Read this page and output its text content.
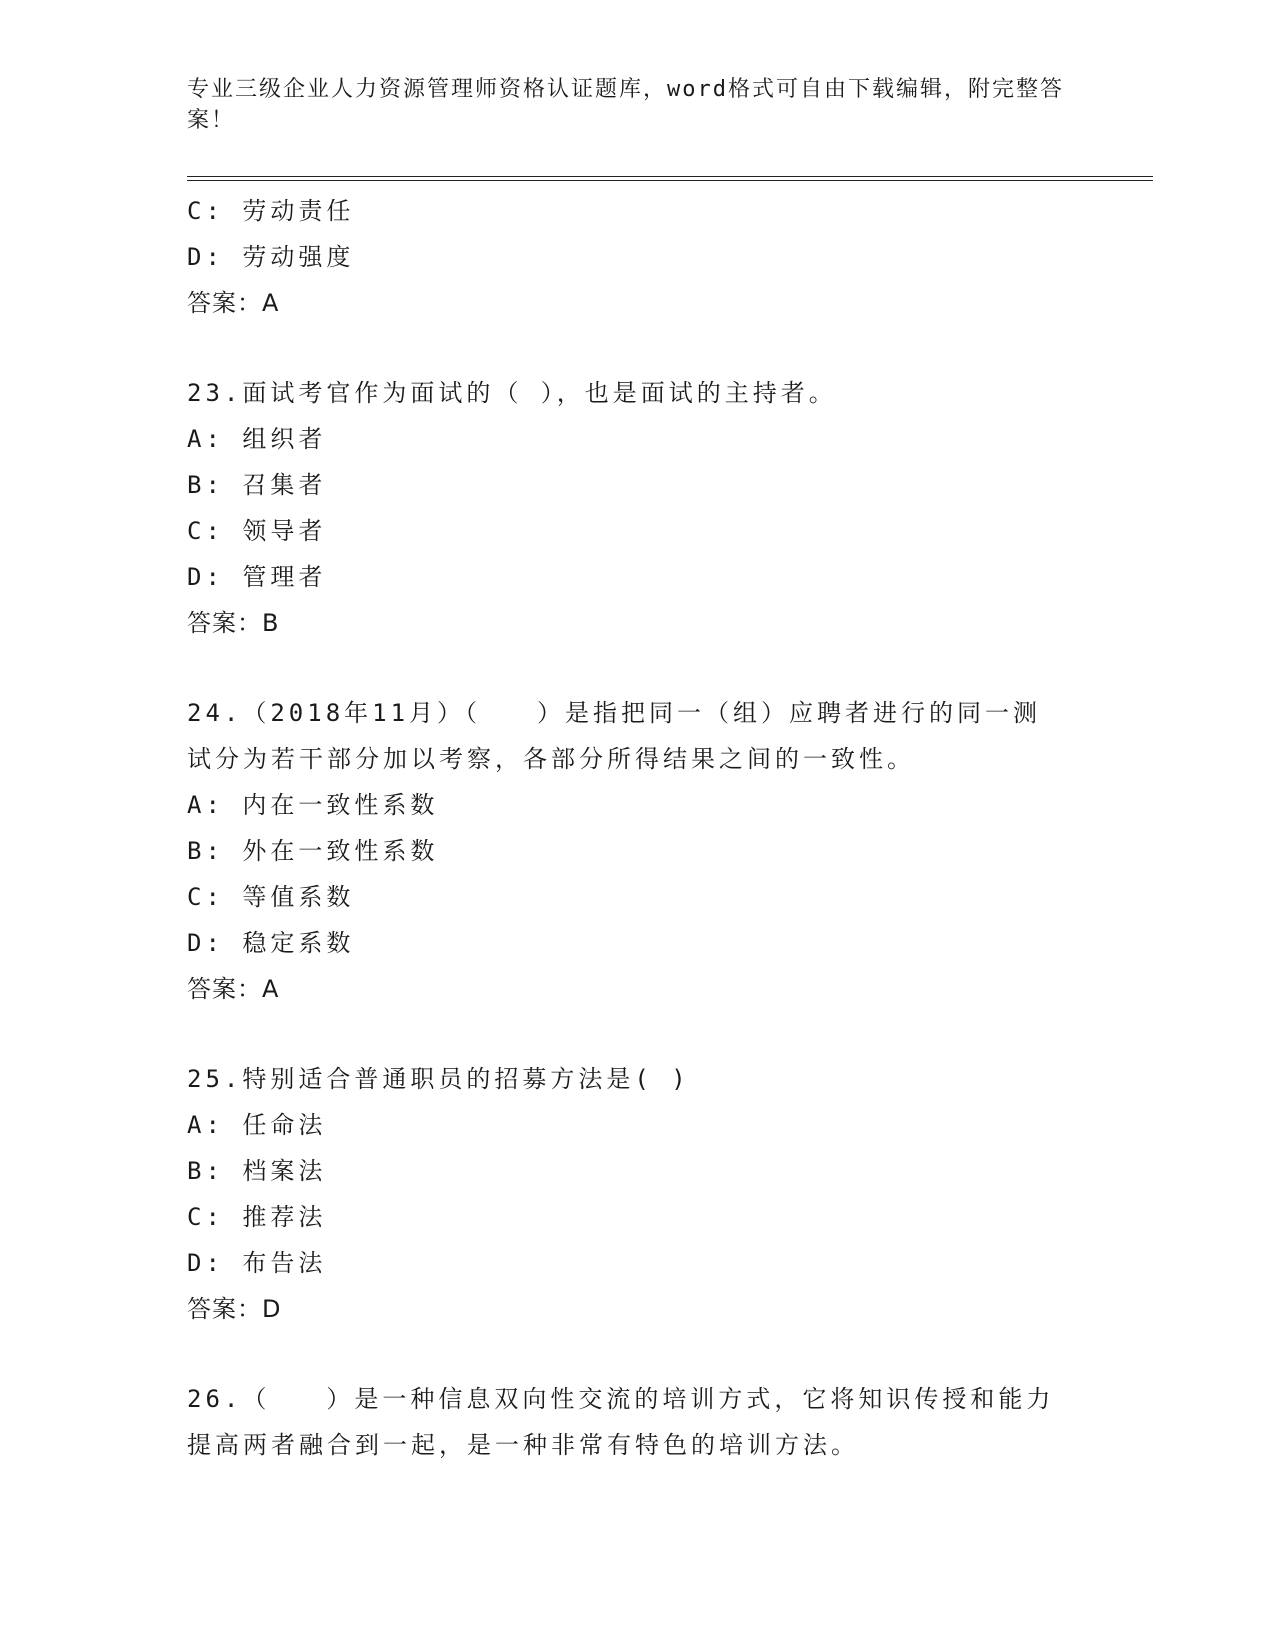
专业三级企业人力资源管理师资格认证题库，word格式可自由下载编辑，附完整答案！
C: 劳动责任
D: 劳动强度
答案：A
23.面试考官作为面试的（ ），也是面试的主持者。
A: 组织者
B: 召集者
C: 领导者
D: 管理者
答案：B
24.（2018年11月）（　　）是指把同一（组）应聘者进行的同一测试分为若干部分加以考察，各部分所得结果之间的一致性。
A: 内在一致性系数
B: 外在一致性系数
C: 等值系数
D: 稳定系数
答案：A
25.特别适合普通职员的招募方法是( )
A: 任命法
B: 档案法
C: 推荐法
D: 布告法
答案：D
26.（　　）是一种信息双向性交流的培训方式，它将知识传授和能力提高两者融合到一起，是一种非常有特色的培训方法。
